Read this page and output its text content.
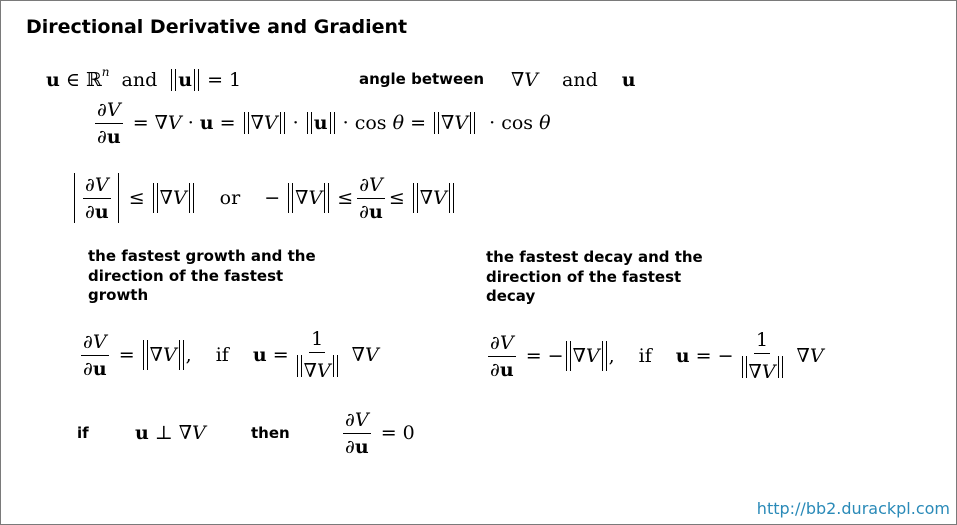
Directional Derivative and Gradient
u ∈ ℝ n and u = 1	angle between ∇ V and u
$\frac{\partial V}{\partial u}$ = ∇ V · u =
∇ V · u · cos θ =
∇ V · cos θ
$\frac{\partial V}{\partial u}$ ≤
∇ V or −
∇ $V \le \frac{\partial V}{\partial u}$ ≤
∇ V
the fastest growth and the direction of the fastest growth
the fastest decay and the direction of the fastest decay
$\frac{\partial V}{\partial u}$ =
∇ V , if $u = \frac{1}{\nabla V}$ ∇ V	$\frac{\partial V}{\partial u}$ = − ∇ V , if u = − $\frac{1}{\nabla V}$ ∇ V
if u ⊥ ∇ V	then	$\frac{\partial V}{\partial u} = 0$
http://bb2.durackpl.com
